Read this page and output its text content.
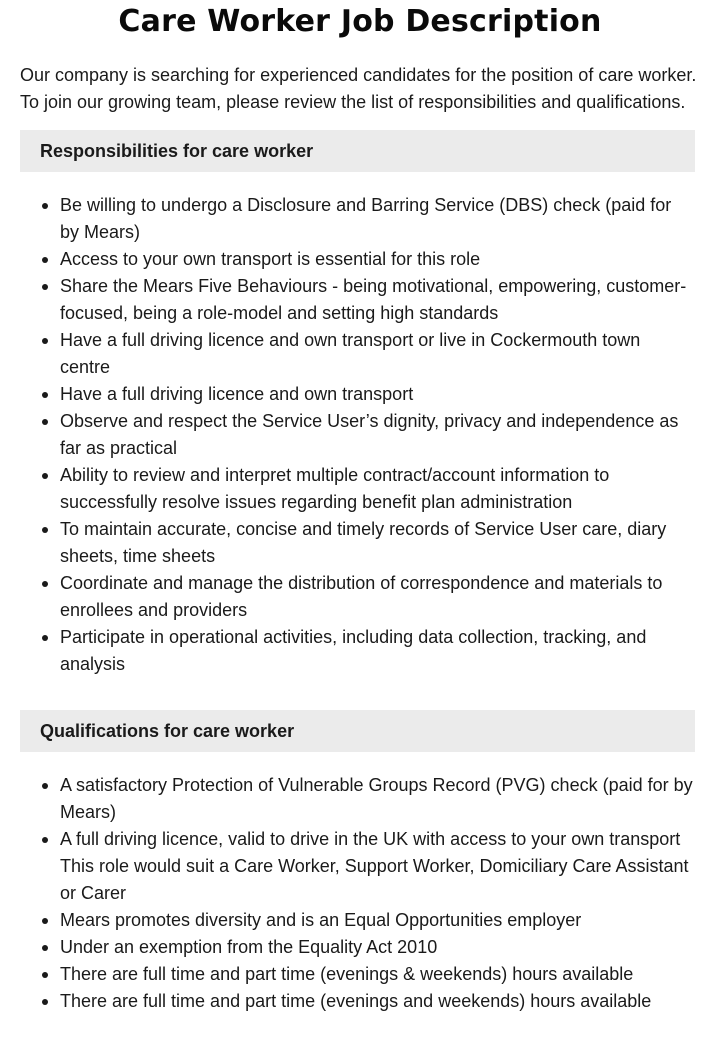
Care Worker Job Description

Our company is searching for experienced candidates for the position of care worker. To join our growing team, please review the list of responsibilities and qualifications.

Responsibilities for care worker
Be willing to undergo a Disclosure and Barring Service (DBS) check (paid for by Mears)
Access to your own transport is essential for this role
Share the Mears Five Behaviours - being motivational, empowering, customer-focused, being a role-model and setting high standards
Have a full driving licence and own transport or live in Cockermouth town centre
Have a full driving licence and own transport
Observe and respect the Service User’s dignity, privacy and independence as far as practical
Ability to review and interpret multiple contract/account information to successfully resolve issues regarding benefit plan administration
To maintain accurate, concise and timely records of Service User care, diary sheets, time sheets
Coordinate and manage the distribution of correspondence and materials to enrollees and providers
Participate in operational activities, including data collection, tracking, and analysis
Qualifications for care worker
A satisfactory Protection of Vulnerable Groups Record (PVG) check (paid for by Mears)
A full driving licence, valid to drive in the UK with access to your own transport This role would suit a Care Worker, Support Worker, Domiciliary Care Assistant or Carer
Mears promotes diversity and is an Equal Opportunities employer
Under an exemption from the Equality Act 2010
There are full time and part time (evenings & weekends) hours available
There are full time and part time (evenings and weekends) hours available
